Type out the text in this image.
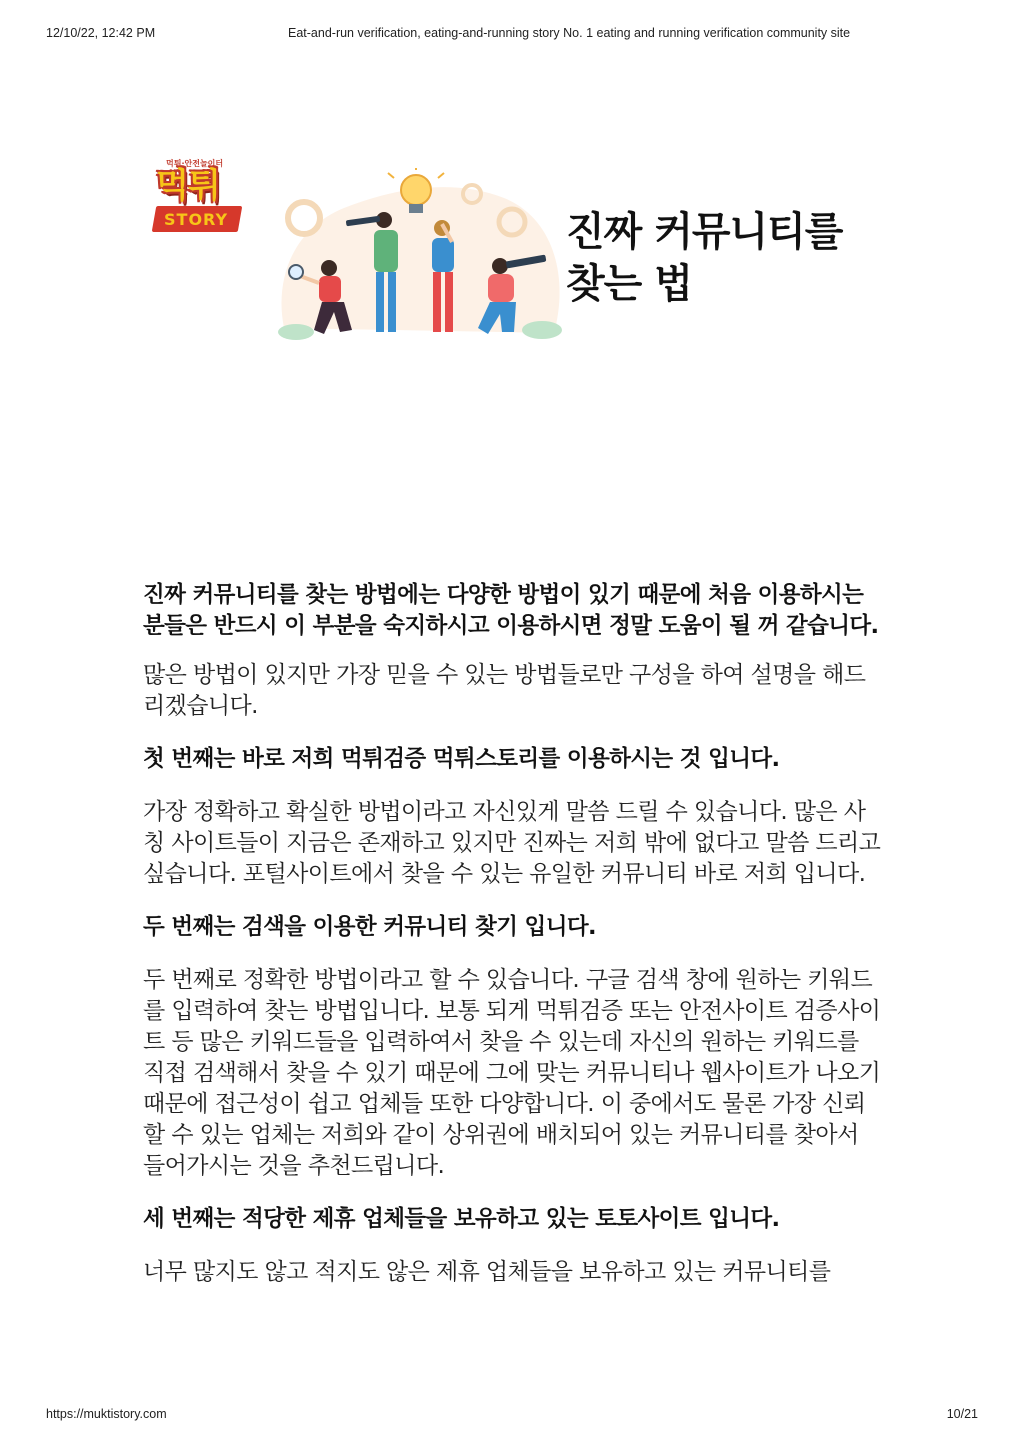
12/10/22, 12:42 PM	Eat-and-run verification, eating-and-running story No. 1 eating and running verification community site
먹튀·안전놀이터
먹튀
STORY	진짜 커뮤니티를
찾는 법

진짜 커뮤니티를 찾는 방법에는 다양한 방법이 있기 때문에 처음 이용하시는 분들은 반드시 이 부분을 숙지하시고 이용하시면 정말 도움이 될 꺼 같습니다.

많은 방법이 있지만 가장 믿을 수 있는 방법들로만 구성을 하여 설명을 해드리겠습니다.

첫 번째는 바로 저희 먹튀검증 먹튀스토리를 이용하시는 것 입니다.

가장 정확하고 확실한 방법이라고 자신있게 말씀 드릴 수 있습니다. 많은 사칭 사이트들이 지금은 존재하고 있지만 진짜는 저희 밖에 없다고 말씀 드리고 싶습니다. 포털사이트에서 찾을 수 있는 유일한 커뮤니티 바로 저희 입니다.

두 번째는 검색을 이용한 커뮤니티 찾기 입니다.

두 번째로 정확한 방법이라고 할 수 있습니다. 구글 검색 창에 원하는 키워드를 입력하여 찾는 방법입니다. 보통 되게 먹튀검증 또는 안전사이트 검증사이트 등 많은 키워드들을 입력하여서 찾을 수 있는데 자신의 원하는 키워드를 직접 검색해서 찾을 수 있기 때문에 그에 맞는 커뮤니티나 웹사이트가 나오기 때문에 접근성이 쉽고 업체들 또한 다양합니다. 이 중에서도 물론 가장 신뢰 할 수 있는 업체는 저희와 같이 상위권에 배치되어 있는 커뮤니티를 찾아서 들어가시는 것을 추천드립니다.

세 번째는 적당한 제휴 업체들을 보유하고 있는 토토사이트 입니다.

너무 많지도 않고 적지도 않은 제휴 업체들을 보유하고 있는 커뮤니티를

https://muktistory.com	10/21
